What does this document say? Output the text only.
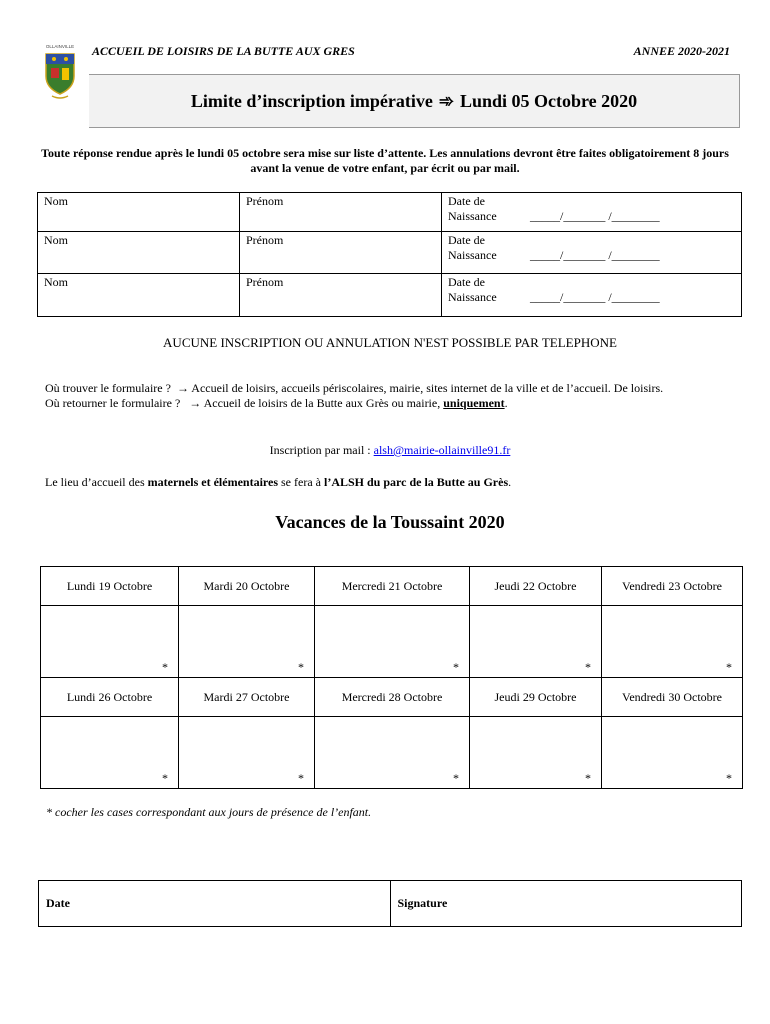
OLLAINVILLE ACCUEIL DE LOISIRS DE LA BUTTE AUX GRES	ANNEE 2020-2021
Limite d’inscription impérative ➾ Lundi 05 Octobre 2020
Toute réponse rendue après le lundi 05 octobre sera mise sur liste d’attente. Les annulations devront être faites obligatoirement 8 jours avant la venue de votre enfant, par écrit ou par mail.
Nom	Prénom	Date de Naissance _____/_______ /________

Nom	Prénom	Date de Naissance _____/_______ /________

Nom	Prénom	Date de Naissance _____/_______ /________
AUCUNE INSCRIPTION OU ANNULATION N'EST POSSIBLE PAR TELEPHONE
Où trouver le formulaire ? → Accueil de loisirs, accueils périscolaires, mairie, sites internet de la ville et de l’accueil. De loisirs.
Où retourner le formulaire ? → Accueil de loisirs de la Butte aux Grès ou mairie, uniquement.
Inscription par mail : alsh@mairie-ollainville91.fr
Le lieu d’accueil des maternels et élémentaires se fera à l’ALSH du parc de la Butte au Grès.
Vacances de la Toussaint 2020
Lundi 19 Octobre	Mardi 20 Octobre	Mercredi 21 Octobre	Jeudi 22 Octobre	Vendredi 23 Octobre
*	*	*	*	*
Lundi 26 Octobre	Mardi 27 Octobre	Mercredi 28 Octobre	Jeudi 29 Octobre	Vendredi 30 Octobre
*	*	*	*	*
* cocher les cases correspondant aux jours de présence de l’enfant.
Date	Signature
